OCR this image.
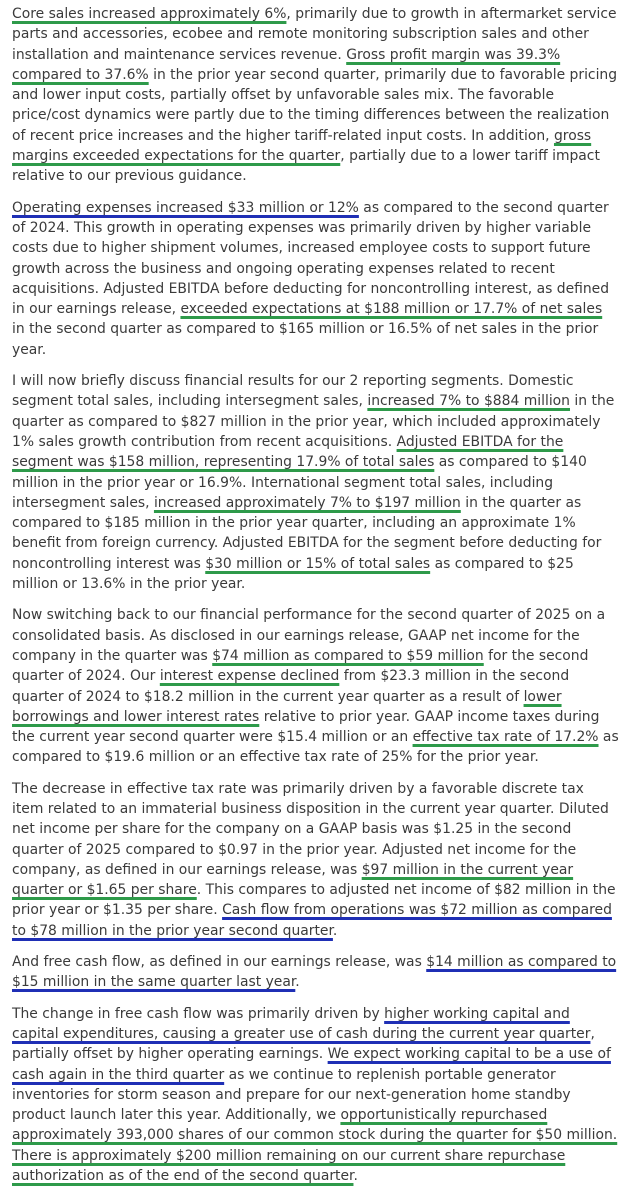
Core sales increased approximately 6%, primarily due to growth in aftermarket service parts and accessories, ecobee and remote monitoring subscription sales and other installation and maintenance services revenue. Gross profit margin was 39.3% compared to 37.6% in the prior year second quarter, primarily due to favorable pricing and lower input costs, partially offset by unfavorable sales mix. The favorable price/cost dynamics were partly due to the timing differences between the realization of recent price increases and the higher tariff-related input costs. In addition, gross margins exceeded expectations for the quarter, partially due to a lower tariff impact relative to our previous guidance.

Operating expenses increased $33 million or 12% as compared to the second quarter of 2024. This growth in operating expenses was primarily driven by higher variable costs due to higher shipment volumes, increased employee costs to support future growth across the business and ongoing operating expenses related to recent acquisitions. Adjusted EBITDA before deducting for noncontrolling interest, as defined in our earnings release, exceeded expectations at $188 million or 17.7% of net sales in the second quarter as compared to $165 million or 16.5% of net sales in the prior year.

I will now briefly discuss financial results for our 2 reporting segments. Domestic segment total sales, including intersegment sales, increased 7% to $884 million in the quarter as compared to $827 million in the prior year, which included approximately 1% sales growth contribution from recent acquisitions. Adjusted EBITDA for the segment was $158 million, representing 17.9% of total sales as compared to $140 million in the prior year or 16.9%. International segment total sales, including intersegment sales, increased approximately 7% to $197 million in the quarter as compared to $185 million in the prior year quarter, including an approximate 1% benefit from foreign currency. Adjusted EBITDA for the segment before deducting for noncontrolling interest was $30 million or 15% of total sales as compared to $25 million or 13.6% in the prior year.

Now switching back to our financial performance for the second quarter of 2025 on a consolidated basis. As disclosed in our earnings release, GAAP net income for the company in the quarter was $74 million as compared to $59 million for the second quarter of 2024. Our interest expense declined from $23.3 million in the second quarter of 2024 to $18.2 million in the current year quarter as a result of lower borrowings and lower interest rates relative to prior year. GAAP income taxes during the current year second quarter were $15.4 million or an effective tax rate of 17.2% as compared to $19.6 million or an effective tax rate of 25% for the prior year.

The decrease in effective tax rate was primarily driven by a favorable discrete tax item related to an immaterial business disposition in the current year quarter. Diluted net income per share for the company on a GAAP basis was $1.25 in the second quarter of 2025 compared to $0.97 in the prior year. Adjusted net income for the company, as defined in our earnings release, was $97 million in the current year quarter or $1.65 per share. This compares to adjusted net income of $82 million in the prior year or $1.35 per share. Cash flow from operations was $72 million as compared to $78 million in the prior year second quarter.

And free cash flow, as defined in our earnings release, was $14 million as compared to $15 million in the same quarter last year.

The change in free cash flow was primarily driven by higher working capital and capital expenditures, causing a greater use of cash during the current year quarter, partially offset by higher operating earnings. We expect working capital to be a use of cash again in the third quarter as we continue to replenish portable generator inventories for storm season and prepare for our next-generation home standby product launch later this year. Additionally, we opportunistically repurchased approximately 393,000 shares of our common stock during the quarter for $50 million. There is approximately $200 million remaining on our current share repurchase authorization as of the end of the second quarter.
